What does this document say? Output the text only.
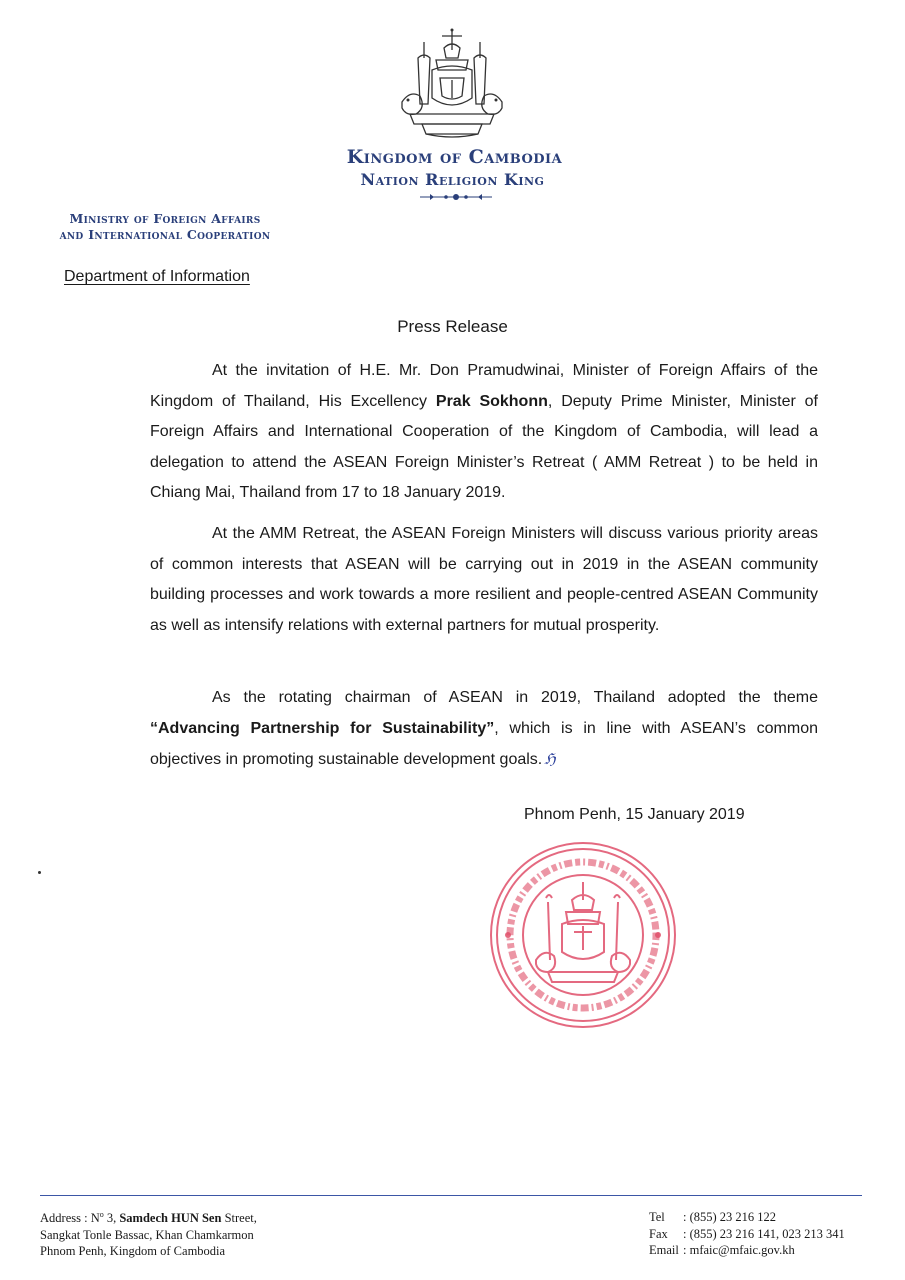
Kingdom of Cambodia
Nation Religion King
Ministry of Foreign Affairs
and International Cooperation
Department of Information
Press Release

At the invitation of H.E. Mr. Don Pramudwinai, Minister of Foreign Affairs of the Kingdom of Thailand, His Excellency Prak Sokhonn, Deputy Prime Minister, Minister of Foreign Affairs and International Cooperation of the Kingdom of Cambodia, will lead a delegation to attend the ASEAN Foreign Minister’s Retreat ( AMM Retreat ) to be held in Chiang Mai, Thailand from 17 to 18 January 2019.

At the AMM Retreat, the ASEAN Foreign Ministers will discuss various priority areas of common interests that ASEAN will be carrying out in 2019 in the ASEAN community building processes and work towards a more resilient and people-centred ASEAN Community as well as intensify relations with external partners for mutual prosperity.

As the rotating chairman of ASEAN in 2019, Thailand adopted the theme “Advancing Partnership for Sustainability”, which is in line with ASEAN’s common objectives in promoting sustainable development goals. ℌ

Phnom Penh, 15 January 2019
Address : $N^o$ 3, Samdech HUN Sen Street,
Sangkat Tonle Bassac, Khan Chamkarmon
Phnom Penh, Kingdom of Cambodia
Tel : (855) 23 216 122
Fax : (855) 23 216 141, 023 213 341
Email : mfaic@mfaic.gov.kh
